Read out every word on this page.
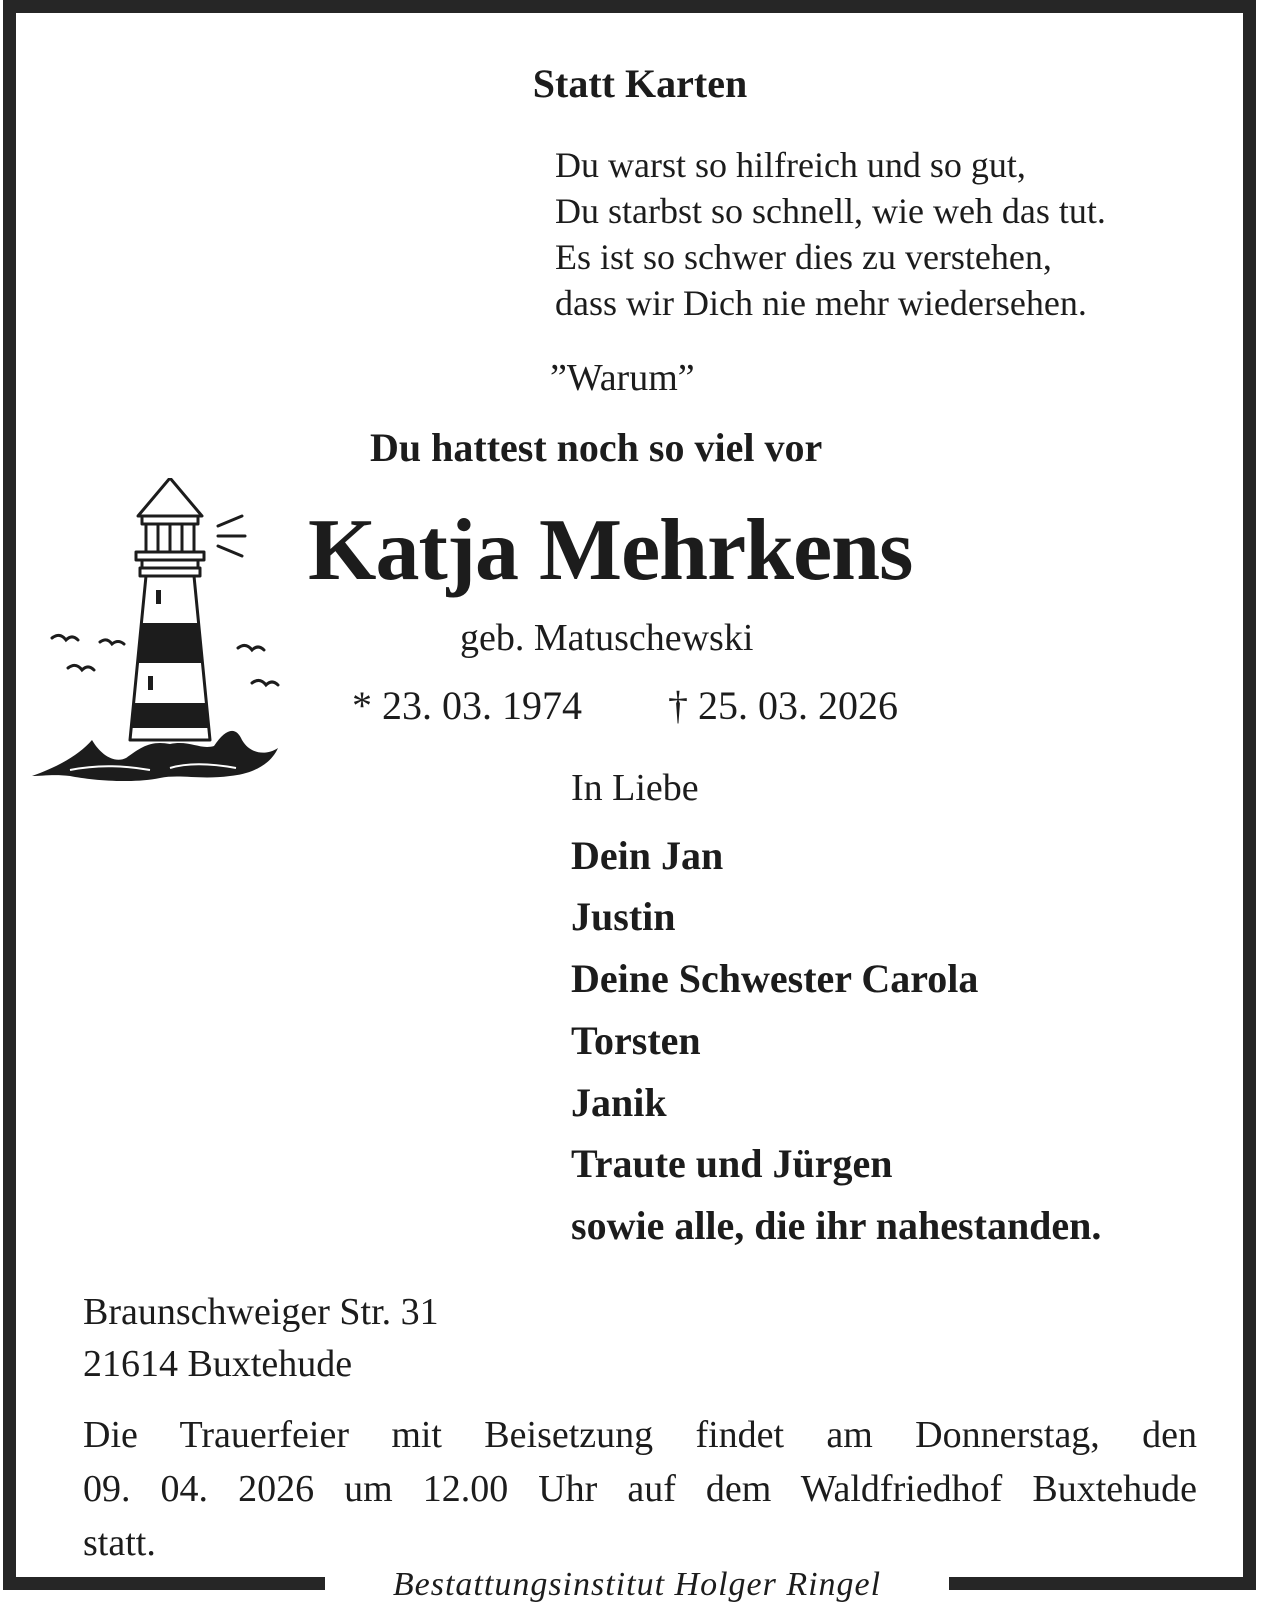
Statt Karten

Du warst so hilfreich und so gut,
Du starbst so schnell, wie weh das tut.
Es ist so schwer dies zu verstehen,
dass wir Dich nie mehr wiedersehen.

”Warum”

Du hattest noch so viel vor

Katja Mehrkens

geb. Matuschewski

* 23. 03. 1974 † 25. 03. 2026

In Liebe

Dein Jan

Justin

Deine Schwester Carola

Torsten

Janik

Traute und Jürgen

sowie alle, die ihr nahestanden.

Braunschweiger Str. 31

21614 Buxtehude

Die Trauerfeier mit Beisetzung findet am Donnerstag, den
09. 04. 2026 um 12.00 Uhr auf dem Waldfriedhof Buxtehude
statt.

Bestattungsinstitut Holger Ringel
